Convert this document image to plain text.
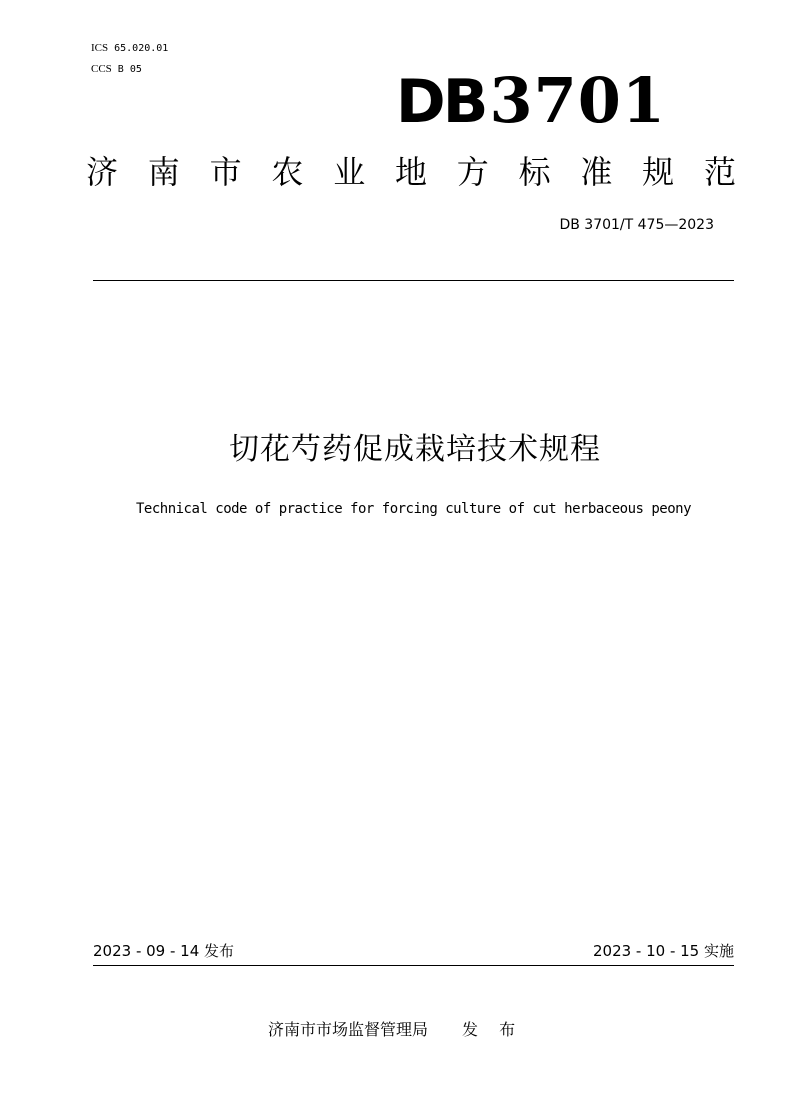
ICS 65.020.01
CCS B 05	DB3701
济 南 市 农 业 地 方 标 准 规 范
DB 3701/T 475—2023
切花芍药促成栽培技术规程
Technical code of practice for forcing culture of cut herbaceous peony
2023 - 09 - 14 发布	2023 - 10 - 15 实施
济南市市场监督管理局 发 布
